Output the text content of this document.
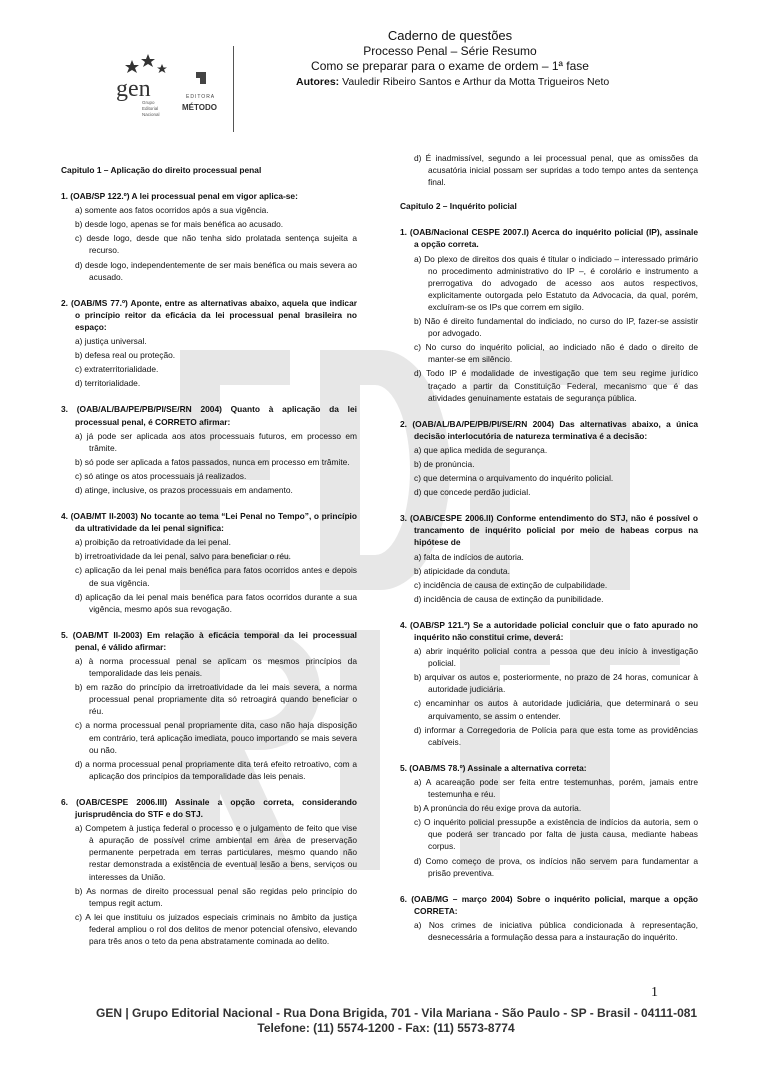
gen
Grupo
Editorial
Nacional
EDITORA
MÉTODO
Caderno de questões
Processo Penal – Série Resumo
Como se preparar para o exame de ordem – 1ª fase
Autores: Vauledir Ribeiro Santos e Arthur da Motta Trigueiros Neto
Capitulo 1 – Aplicação do direito processual penal
1. (OAB/SP 122.º) A lei processual penal em vigor aplica-se:
a) somente aos fatos ocorridos após a sua vigência.
b) desde logo, apenas se for mais benéfica ao acusado.
c) desde logo, desde que não tenha sido prolatada sentença sujeita a recurso.
d) desde logo, independentemente de ser mais benéfica ou mais severa ao acusado.
2. (OAB/MS 77.º) Aponte, entre as alternativas abaixo, aquela que indicar o princípio reitor da eficácia da lei processual penal brasileira no espaço:
a) justiça universal.
b) defesa real ou proteção.
c) extraterritorialidade.
d) territorialidade.
3. (OAB/AL/BA/PE/PB/PI/SE/RN 2004) Quanto à aplicação da lei processual penal, é CORRETO afirmar:
a) já pode ser aplicada aos atos processuais futuros, em processo em trâmite.
b) só pode ser aplicada a fatos passados, nunca em processo em trâmite.
c) só atinge os atos processuais já realizados.
d) atinge, inclusive, os prazos processuais em andamento.
4. (OAB/MT II-2003) No tocante ao tema “Lei Penal no Tempo”, o princípio da ultratividade da lei penal significa:
a) proibição da retroatividade da lei penal.
b) irretroatividade da lei penal, salvo para beneficiar o réu.
c) aplicação da lei penal mais benéfica para fatos ocorridos antes e depois de sua vigência.
d) aplicação da lei penal mais benéfica para fatos ocorridos durante a sua vigência, mesmo após sua revogação.
5. (OAB/MT II-2003) Em relação à eficácia temporal da lei processual penal, é válido afirmar:
a) à norma processual penal se aplicam os mesmos princípios da temporalidade das leis penais.
b) em razão do princípio da irretroatividade da lei mais severa, a norma processual penal propriamente dita só retroagirá quando beneficiar o réu.
c) a norma processual penal propriamente dita, caso não haja disposição em contrário, terá aplicação imediata, pouco importando se mais severa ou não.
d) a norma processual penal propriamente dita terá efeito retroativo, com a aplicação dos princípios da temporalidade das leis penais.
6. (OAB/CESPE 2006.III) Assinale a opção correta, considerando jurisprudência do STF e do STJ.
a) Competem à justiça federal o processo e o julgamento de feito que vise à apuração de possível crime ambiental em área de preservação permanente perpetrada em terras particulares, mesmo quando não restar demonstrada a existência de eventual lesão a bens, serviços ou interesses da União.
b) As normas de direito processual penal são regidas pelo princípio do tempus regit actum.
c) A lei que instituiu os juizados especiais criminais no âmbito da justiça federal ampliou o rol dos delitos de menor potencial ofensivo, elevando para três anos o teto da pena abstratamente cominada ao delito.
d) É inadmissível, segundo a lei processual penal, que as omissões da acusatória inicial possam ser supridas a todo tempo antes da sentença final.
Capitulo 2 – Inquérito policial
1. (OAB/Nacional CESPE 2007.I) Acerca do inquérito policial (IP), assinale a opção correta.
a) Do plexo de direitos dos quais é titular o indiciado – interessado primário no procedimento administrativo do IP –, é corolário e instrumento a prerrogativa do advogado de acesso aos autos respectivos, explicitamente outorgada pelo Estatuto da Advocacia, da qual, porém, excluíram-se os IPs que correm em sigilo.
b) Não é direito fundamental do indiciado, no curso do IP, fazer-se assistir por advogado.
c) No curso do inquérito policial, ao indiciado não é dado o direito de manter-se em silêncio.
d) Todo IP é modalidade de investigação que tem seu regime jurídico traçado a partir da Constituição Federal, mecanismo que é das atividades genuinamente estatais de segurança pública.
2. (OAB/AL/BA/PE/PB/PI/SE/RN 2004) Das alternativas abaixo, a única decisão interlocutória de natureza terminativa é a decisão:
a) que aplica medida de segurança.
b) de pronúncia.
c) que determina o arquivamento do inquérito policial.
d) que concede perdão judicial.
3. (OAB/CESPE 2006.II) Conforme entendimento do STJ, não é possível o trancamento de inquérito policial por meio de habeas corpus na hipótese de
a) falta de indícios de autoria.
b) atipicidade da conduta.
c) incidência de causa de extinção de culpabilidade.
d) incidência de causa de extinção da punibilidade.
4. (OAB/SP 121.º) Se a autoridade policial concluir que o fato apurado no inquérito não constitui crime, deverá:
a) abrir inquérito policial contra a pessoa que deu início à investigação policial.
b) arquivar os autos e, posteriormente, no prazo de 24 horas, comunicar à autoridade judiciária.
c) encaminhar os autos à autoridade judiciária, que determinará o seu arquivamento, se assim o entender.
d) informar a Corregedoria de Polícia para que esta tome as providências cabíveis.
5. (OAB/MS 78.º) Assinale a alternativa correta:
a) A acareação pode ser feita entre testemunhas, porém, jamais entre testemunha e réu.
b) A pronúncia do réu exige prova da autoria.
c) O inquérito policial pressupõe a existência de indícios da autoria, sem o que poderá ser trancado por falta de justa causa, mediante habeas corpus.
d) Como começo de prova, os indícios não servem para fundamentar a prisão preventiva.
6. (OAB/MG – março 2004) Sobre o inquérito policial, marque a opção CORRETA:
a) Nos crimes de iniciativa pública condicionada à representação, desnecessária a formulação dessa para a instauração do inquérito.
1
GEN | Grupo Editorial Nacional - Rua Dona Brigida, 701 - Vila Mariana - São Paulo - SP - Brasil - 04111-081
Telefone: (11) 5574-1200 - Fax: (11) 5573-8774
